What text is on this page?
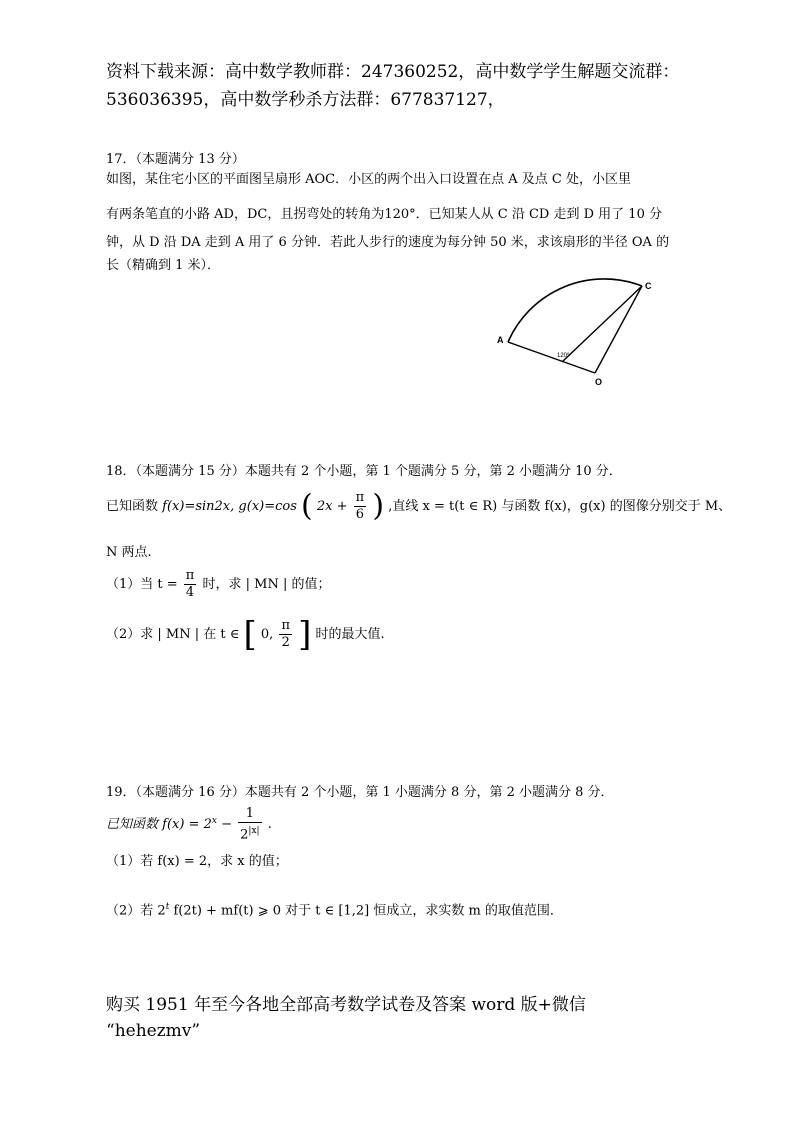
资料下载来源：高中数学教师群：247360252，高中数学学生解题交流群：
536036395，高中数学秒杀方法群：677837127，
17．（本题满分 13 分）
如图，某住宅小区的平面图呈扇形 AOC．小区的两个出入口设置在点 A 及点 C 处，小区里
有两条笔直的小路 AD，DC，且拐弯处的转角为120°．已知某人从 C 沿 CD 走到 D 用了 10 分
钟，从 D 沿 DA 走到 A 用了 6 分钟．若此人步行的速度为每分钟 50 米，求该扇形的半径 OA 的
长（精确到 1 米）．
A
C
O
120⁰
18．（本题满分 15 分）本题共有 2 个小题，第 1 个题满分 5 分，第 2 小题满分 10 分．
已知函数 f(x)=sin2x, g(x)=cos ( $2x + \frac{\pi}{6}$ ) ,直线 x = t(t ∈ R) 与函数 f(x)，g(x) 的图像分别交于 M、
N 两点.
（1）当 $t = \frac{\pi}{4}$ 时，求 | MN | 的值；
（2）求 | MN | 在 t ∈ [ 0, $\frac{\pi}{2}$ ] 时的最大值.
19．（本题满分 16 分）本题共有 2 个小题，第 1 小题满分 8 分，第 2 小题满分 8 分．
已知函数 $f(x) = 2^x - \frac{1}{2^{|x|}}$ .
（1）若 f(x) = 2，求 x 的值；
（2）若 2$^t$ f(2t) + mf(t) ⩾ 0 对于 t ∈ [1,2] 恒成立，求实数 m 的取值范围．
购买 1951 年至今各地全部高考数学试卷及答案 word 版+微信
“hehezmv”
